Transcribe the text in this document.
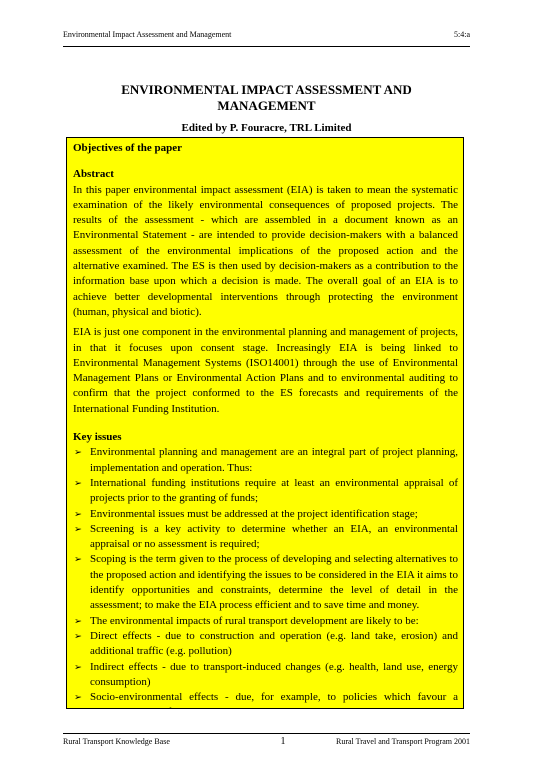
Environmental Impact Assessment and Management	5:4:a
ENVIRONMENTAL IMPACT ASSESSMENT AND
MANAGEMENT
Edited by P. Fouracre, TRL Limited
Objectives of the paper
Abstract

In this paper environmental impact assessment (EIA) is taken to mean the systematic examination of the likely environmental consequences of proposed projects. The results of the assessment - which are assembled in a document known as an Environmental Statement - are intended to provide decision-makers with a balanced assessment of the environmental implications of the proposed action and the alternative examined. The ES is then used by decision-makers as a contribution to the information base upon which a decision is made. The overall goal of an EIA is to achieve better developmental interventions through protecting the environment (human, physical and biotic).

EIA is just one component in the environmental planning and management of projects, in that it focuses upon consent stage. Increasingly EIA is being linked to Environmental Management Systems (ISO14001) through the use of Environmental Management Plans or Environmental Action Plans and to environmental auditing to confirm that the project conformed to the ES forecasts and requirements of the International Funding Institution.

Key issues
➢ Environmental planning and management are an integral part of project planning, implementation and operation. Thus:
➢ International funding institutions require at least an environmental appraisal of projects prior to the granting of funds;
➢ Environmental issues must be addressed at the project identification stage;
➢ Screening is a key activity to determine whether an EIA, an environmental appraisal or no assessment is required;
➢ Scoping is the term given to the process of developing and selecting alternatives to the proposed action and identifying the issues to be considered in the EIA it aims to identify opportunities and constraints, determine the level of detail in the assessment; to make the EIA process efficient and to save time and money.
➢ The environmental impacts of rural transport development are likely to be:
➢ Direct effects - due to construction and operation (e.g. land take, erosion) and additional traffic (e.g. pollution)
➢ Indirect effects - due to transport-induced changes (e.g. health, land use, energy consumption)
➢ Socio-environmental effects - due, for example, to policies which favour a
Rural Transport Knowledge Base	1	Rural Travel and Transport Program 2001
